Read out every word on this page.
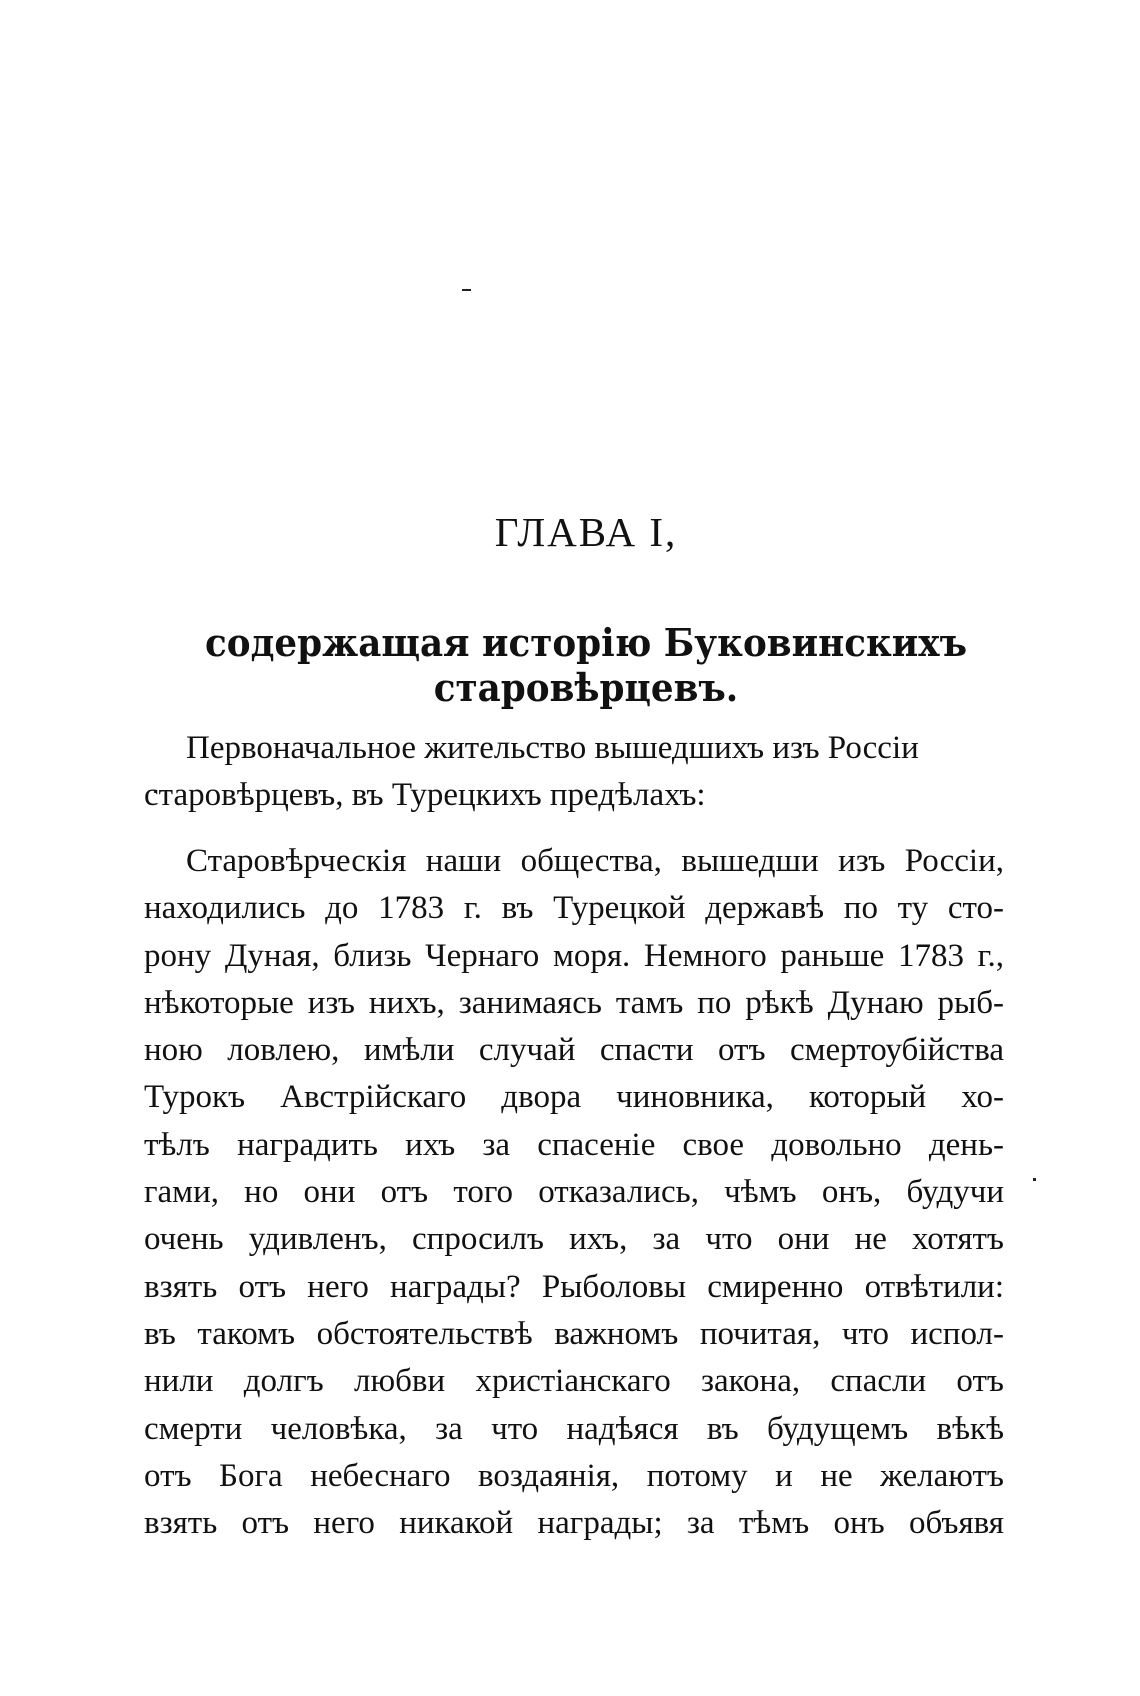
ГЛАВА I,
содержащая исторію Буковинскихъ старовѣрцевъ.
Первоначальное жительство вышедшихъ изъ Россіи
старовѣрцевъ, въ Турецкихъ предѣлахъ:
Старовѣрческія наши общества, вышедши изъ Россіи,
находились до 1783 г. въ Турецкой державѣ по ту сто-
рону Дуная, близь Чернаго моря. Немного раньше 1783 г.,
нѣкоторые изъ нихъ, занимаясь тамъ по рѣкѣ Дунаю рыб-
ною ловлею, имѣли случай спасти отъ смертоубійства
Турокъ Австрійскаго двора чиновника, который хо-
тѣлъ наградить ихъ за спасеніе свое довольно день-
гами, но они отъ того отказались, чѣмъ онъ, будучи
очень удивленъ, спросилъ ихъ, за что они не хотятъ
взять отъ него награды? Рыболовы смиренно отвѣтили:
въ такомъ обстоятельствѣ важномъ почитая, что испол-
нили долгъ любви христіанскаго закона, спасли отъ
смерти человѣка, за что надѣяся въ будущемъ вѣкѣ
отъ Бога небеснаго воздаянія, потому и не желаютъ
взять отъ него никакой награды; за тѣмъ онъ объявя
